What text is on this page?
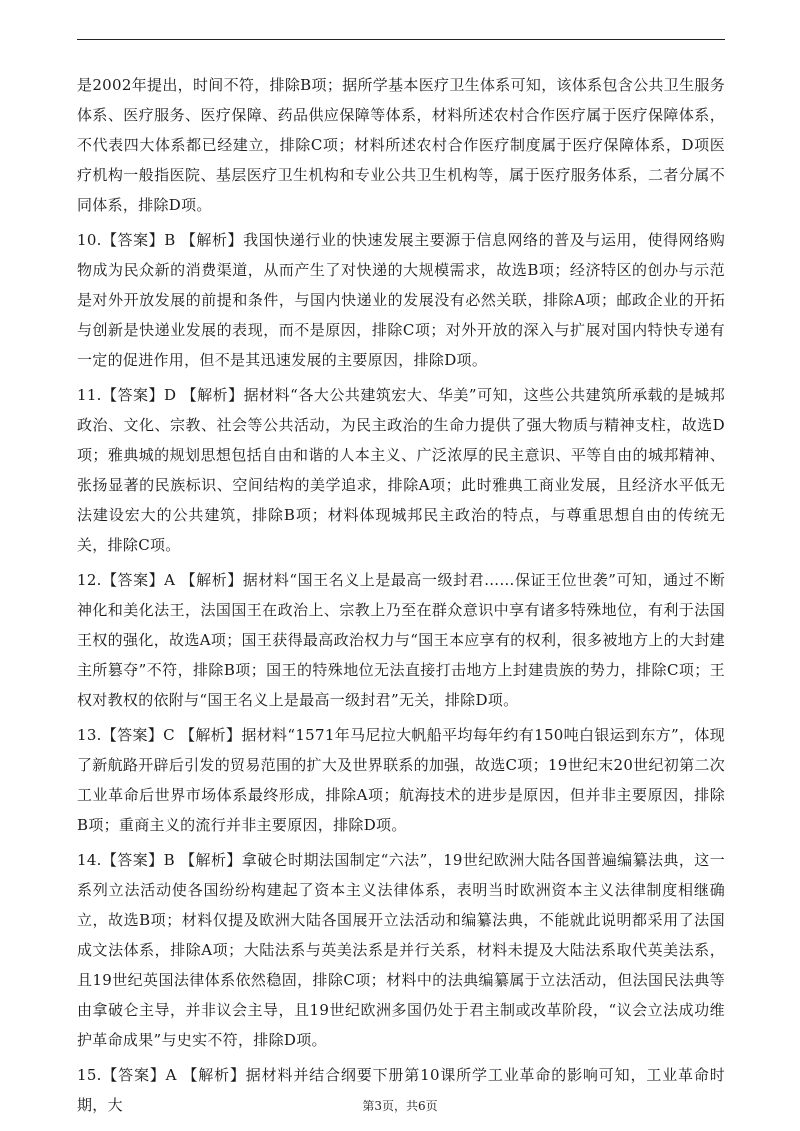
是2002年提出，时间不符，排除B项；据所学基本医疗卫生体系可知，该体系包含公共卫生服务体系、医疗服务、医疗保障、药品供应保障等体系，材料所述农村合作医疗属于医疗保障体系，不代表四大体系都已经建立，排除C项；材料所述农村合作医疗制度属于医疗保障体系，D项医疗机构一般指医院、基层医疗卫生机构和专业公共卫生机构等，属于医疗服务体系，二者分属不同体系，排除D项。

10.【答案】B 【解析】我国快递行业的快速发展主要源于信息网络的普及与运用，使得网络购物成为民众新的消费渠道，从而产生了对快递的大规模需求，故选B项；经济特区的创办与示范是对外开放发展的前提和条件，与国内快递业的发展没有必然关联，排除A项；邮政企业的开拓与创新是快递业发展的表现，而不是原因，排除C项；对外开放的深入与扩展对国内特快专递有一定的促进作用，但不是其迅速发展的主要原因，排除D项。

11.【答案】D 【解析】据材料“各大公共建筑宏大、华美”可知，这些公共建筑所承载的是城邦政治、文化、宗教、社会等公共活动，为民主政治的生命力提供了强大物质与精神支柱，故选D项；雅典城的规划思想包括自由和谐的人本主义、广泛浓厚的民主意识、平等自由的城邦精神、张扬显著的民族标识、空间结构的美学追求，排除A项；此时雅典工商业发展，且经济水平低无法建设宏大的公共建筑，排除B项；材料体现城邦民主政治的特点，与尊重思想自由的传统无关，排除C项。

12.【答案】A 【解析】据材料“国王名义上是最高一级封君……保证王位世袭”可知，通过不断神化和美化法王，法国国王在政治上、宗教上乃至在群众意识中享有诸多特殊地位，有利于法国王权的强化，故选A项；国王获得最高政治权力与“国王本应享有的权利，很多被地方上的大封建主所篡夺”不符，排除B项；国王的特殊地位无法直接打击地方上封建贵族的势力，排除C项；王权对教权的依附与“国王名义上是最高一级封君”无关，排除D项。

13.【答案】C 【解析】据材料“1571年马尼拉大帆船平均每年约有150吨白银运到东方”，体现了新航路开辟后引发的贸易范围的扩大及世界联系的加强，故选C项；19世纪末20世纪初第二次工业革命后世界市场体系最终形成，排除A项；航海技术的进步是原因，但并非主要原因，排除B项；重商主义的流行并非主要原因，排除D项。

14.【答案】B 【解析】拿破仑时期法国制定“六法”，19世纪欧洲大陆各国普遍编纂法典，这一系列立法活动使各国纷纷构建起了资本主义法律体系，表明当时欧洲资本主义法律制度相继确立，故选B项；材料仅提及欧洲大陆各国展开立法活动和编纂法典，不能就此说明都采用了法国成文法体系，排除A项；大陆法系与英美法系是并行关系，材料未提及大陆法系取代英美法系，且19世纪英国法律体系依然稳固，排除C项；材料中的法典编纂属于立法活动，但法国民法典等由拿破仑主导，并非议会主导，且19世纪欧洲多国仍处于君主制或改革阶段，“议会立法成功维护革命成果”与史实不符，排除D项。

15.【答案】A 【解析】据材料并结合纲要下册第10课所学工业革命的影响可知，工业革命时期，大	第3页，共6页
